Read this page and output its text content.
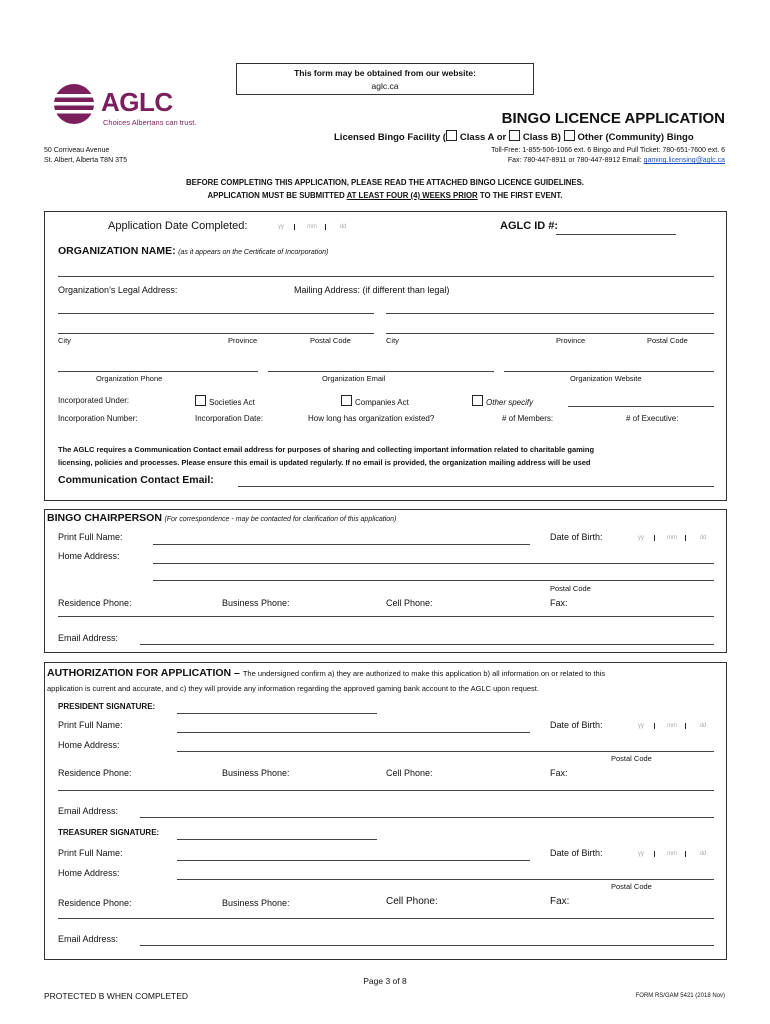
This form may be obtained from our website:
aglc.ca
AGLC
Choices Albertans can trust.	BINGO LICENCE APPLICATION
Licensed Bingo Facility ( Class A or Class B) Other (Community) Bingo
50 Corriveau Avenue
St. Albert, Alberta T8N 3T5
Toll-Free: 1-855-506-1066 ext. 6 Bingo and Pull Ticket: 780-651-7600 ext. 6
Fax: 780-447-8911 or 780-447-8912 Email: gaming.licensing@aglc.ca
BEFORE COMPLETING THIS APPLICATION, PLEASE READ THE ATTACHED BINGO LICENCE GUIDELINES.
APPLICATION MUST BE SUBMITTED AT LEAST FOUR (4) WEEKS PRIOR TO THE FIRST EVENT.
Application Date Completed:	yy	mm	dd	AGLC ID #:
ORGANIZATION NAME: (as it appears on the Certificate of Incorporation)
Organization’s Legal Address:	Mailing Address: (if different than legal)
City	Province	Postal Code	City	Province	Postal Code
Organization Phone	Organization Email	Organization Website
Incorporated Under:	Societies Act	Companies Act	Other specify
Incorporation Number:	Incorporation Date:	How long has organization existed?	# of Members:	# of Executive:
The AGLC requires a Communication Contact email address for purposes of sharing and collecting important information related to charitable gaming
licensing, policies and processes. Please ensure this email is updated regularly. If no email is provided, the organization mailing address will be used
Communication Contact Email:
BINGO CHAIRPERSON (For correspondence - may be contacted for clarification of this application)
Print Full Name:	Date of Birth:	yy	mm	dd
Home Address:
Postal Code
Residence Phone:	Business Phone:	Cell Phone:	Fax:
Email Address:
AUTHORIZATION FOR APPLICATION – The undersigned confirm a) they are authorized to make this application b) all information on or related to this
application is current and accurate, and c) they will provide any information regarding the approved gaming bank account to the AGLC upon request.
PRESIDENT SIGNATURE:
Print Full Name:	Date of Birth:	yy	mm	dd
Home Address:
Postal Code
Residence Phone:	Business Phone:	Cell Phone:	Fax:
Email Address:
TREASURER SIGNATURE:
Print Full Name:	Date of Birth:	yy	mm	dd
Home Address:
Postal Code
Residence Phone:	Business Phone:	Cell Phone:	Fax:
Email Address:
Page 3 of 8
PROTECTED B WHEN COMPLETED	FORM RS/GAM 5421 (2018 Nov)
